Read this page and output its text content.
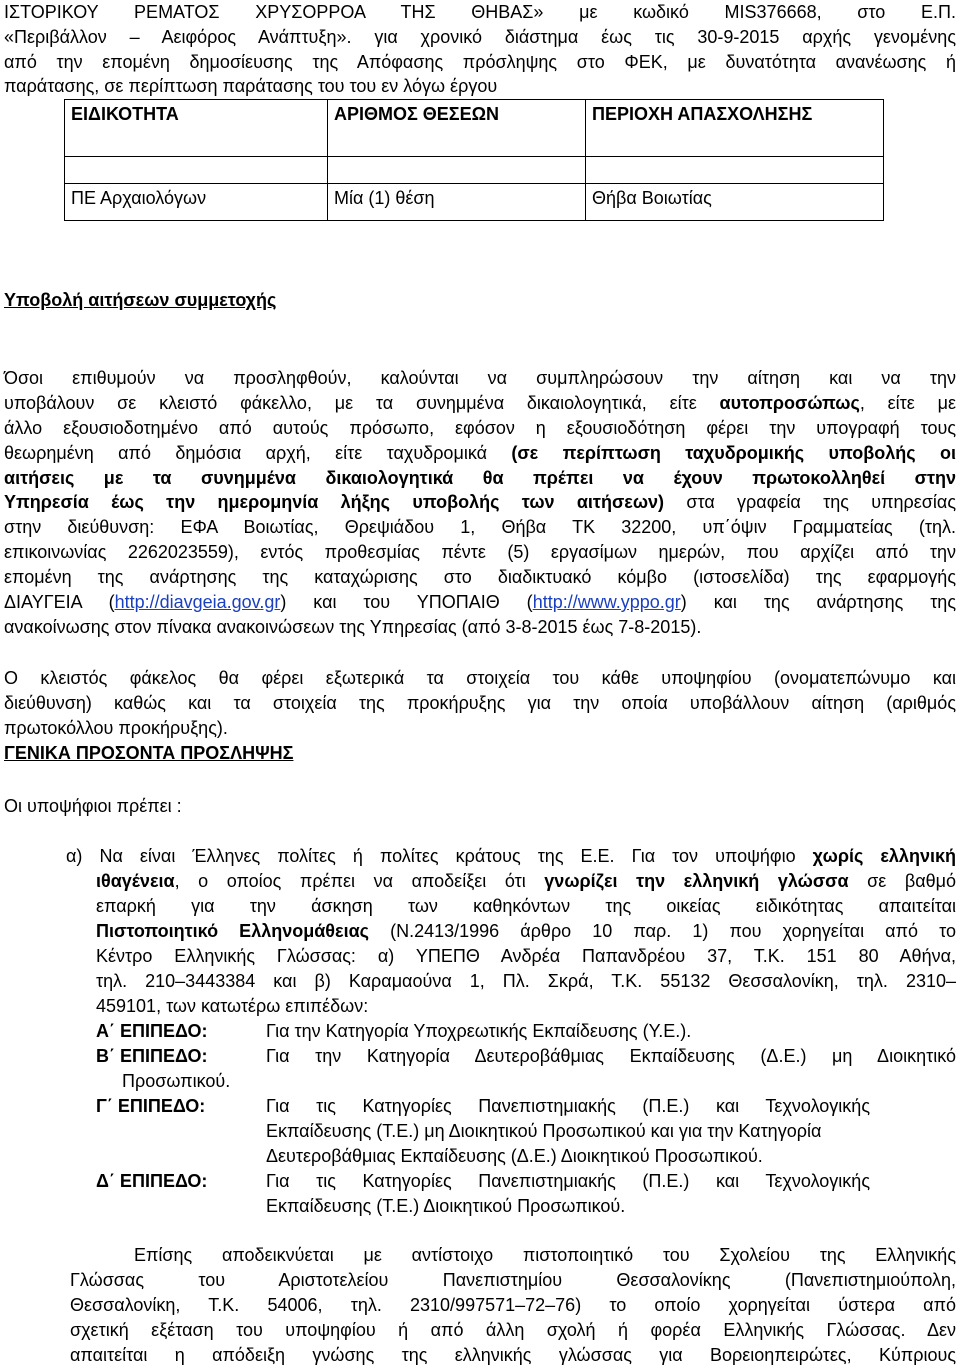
ΙΣΤΟΡΙΚΟΥ ΡΕΜΑΤΟΣ ΧΡΥΣΟΡΡΟΑ ΤΗΣ ΘΗΒΑΣ» με κωδικό MIS376668, στο Ε.Π.
«Περιβάλλον – Αειφόρος Ανάπτυξη». για χρονικό διάστημα έως τις 30-9-2015 αρχής γενομένης
από την επομένη δημοσίευσης της Απόφασης πρόσληψης στο ΦΕΚ, με δυνατότητα ανανέωσης ή
παράτασης, σε περίπτωση παράτασης του του εν λόγω έργου
ΕΙΔΙΚΟΤΗΤΑ	ΑΡΙΘΜΟΣ ΘΕΣΕΩΝ	ΠΕΡΙΟΧΗ ΑΠΑΣΧΟΛΗΣΗΣ

ΠΕ Αρχαιολόγων	Μία (1) θέση	Θήβα Βοιωτίας
Υποβολή αιτήσεων συμμετοχής
Όσοι επιθυμούν να προσληφθούν, καλούνται να συμπληρώσουν την αίτηση και να την
υποβάλουν σε κλειστό φάκελλο, με τα συνημμένα δικαιολογητικά, είτε αυτοπροσώπως, είτε με
άλλο εξουσιοδοτημένο από αυτούς πρόσωπο, εφόσον η εξουσιοδότηση φέρει την υπογραφή τους
θεωρημένη από δημόσια αρχή, είτε ταχυδρομικά (σε περίπτωση ταχυδρομικής υποβολής οι
αιτήσεις με τα συνημμένα δικαιολογητικά θα πρέπει να έχουν πρωτοκολληθεί στην
Υπηρεσία έως την ημερομηνία λήξης υποβολής των αιτήσεων) στα γραφεία της υπηρεσίας
στην διεύθυνση: ΕΦΑ Βοιωτίας, Θρεψιάδου 1, Θήβα ΤΚ 32200, υπ΄όψιν Γραμματείας (τηλ.
επικοινωνίας 2262023559), εντός προθεσμίας πέντε (5) εργασίμων ημερών, που αρχίζει από την
επομένη της ανάρτησης της καταχώρισης στο διαδικτυακό κόμβο (ιστοσελίδα) της εφαρμογής
ΔΙΑΥΓΕΙΑ (http://diavgeia.gov.gr) και του ΥΠΟΠΑΙΘ (http://www.yppo.gr) και της ανάρτησης της
ανακοίνωσης στον πίνακα ανακοινώσεων της Υπηρεσίας (από 3-8-2015 έως 7-8-2015).
Ο κλειστός φάκελος θα φέρει εξωτερικά τα στοιχεία του κάθε υποψηφίου (ονοματεπώνυμο και
διεύθυνση) καθώς και τα στοιχεία της προκήρυξης για την οποία υποβάλλουν αίτηση (αριθμός
πρωτοκόλλου προκήρυξης).
ΓΕΝΙΚΑ ΠΡΟΣΟΝΤΑ ΠΡΟΣΛΗΨΗΣ
Οι υποψήφιοι πρέπει :
α) Να είναι Έλληνες πολίτες ή πολίτες κράτους της Ε.Ε. Για τον υποψήφιο χωρίς ελληνική
ιθαγένεια, ο οποίος πρέπει να αποδείξει ότι γνωρίζει την ελληνική γλώσσα σε βαθμό
επαρκή για την άσκηση των καθηκόντων της οικείας ειδικότητας απαιτείται
Πιστοποιητικό Ελληνομάθειας (Ν.2413/1996 άρθρο 10 παρ. 1) που χορηγείται από το
Κέντρο Ελληνικής Γλώσσας: α) ΥΠΕΠΘ Ανδρέα Παπανδρέου 37, Τ.Κ. 151 80 Αθήνα,
τηλ. 210–3443384 και β) Καραμαούνα 1, Πλ. Σκρά, Τ.Κ. 55132 Θεσσαλονίκη, τηλ. 2310–
459101, των κατωτέρω επιπέδων:
Α΄ ΕΠΙΠΕΔΟ:	Για την Κατηγορία Υποχρεωτικής Εκπαίδευσης (Υ.Ε.).
Β΄ ΕΠΙΠΕΔΟ:	Για την Κατηγορία Δευτεροβάθμιας Εκπαίδευσης (Δ.Ε.) μη Διοικητικό
Προσωπικού.
Γ΄ ΕΠΙΠΕΔΟ:	Για τις Κατηγορίες Πανεπιστημιακής (Π.Ε.) και Τεχνολογικής
Εκπαίδευσης (Τ.Ε.) μη Διοικητικού Προσωπικού και για την Κατηγορία
Δευτεροβάθμιας Εκπαίδευσης (Δ.Ε.) Διοικητικού Προσωπικού.
Δ΄ ΕΠΙΠΕΔΟ:	Για τις Κατηγορίες Πανεπιστημιακής (Π.Ε.) και Τεχνολογικής
Εκπαίδευσης (Τ.Ε.) Διοικητικού Προσωπικού.
Επίσης αποδεικνύεται με αντίστοιχο πιστοποιητικό του Σχολείου της Ελληνικής
Γλώσσας του Αριστοτελείου Πανεπιστημίου Θεσσαλονίκης (Πανεπιστημιούπολη,
Θεσσαλονίκη, Τ.Κ. 54006, τηλ. 2310/997571–72–76) το οποίο χορηγείται ύστερα από
σχετική εξέταση του υποψηφίου ή από άλλη σχολή ή φορέα Ελληνικής Γλώσσας. Δεν
απαιτείται η απόδειξη γνώσης της ελληνικής γλώσσας για Βορειοηπειρώτες, Κύπριους
